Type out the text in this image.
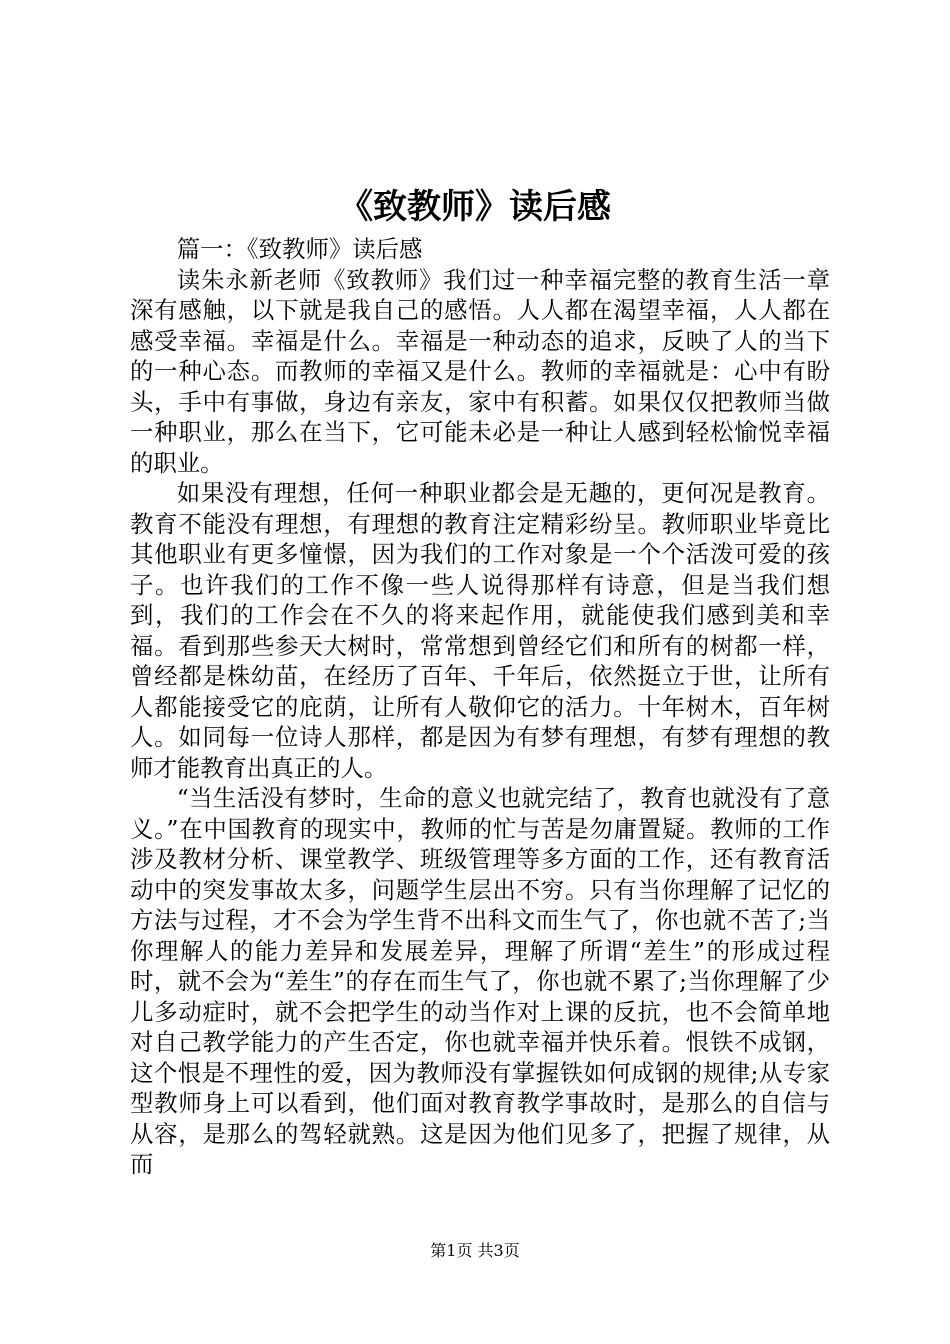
《致教师》读后感

篇一：《致教师》读后感

读朱永新老师《致教师》我们过一种幸福完整的教育生活一章深有感触，以下就是我自己的感悟。人人都在渴望幸福，人人都在感受幸福。幸福是什么。幸福是一种动态的追求，反映了人的当下的一种心态。而教师的幸福又是什么。教师的幸福就是：心中有盼头，手中有事做，身边有亲友，家中有积蓄。如果仅仅把教师当做一种职业，那么在当下，它可能未必是一种让人感到轻松愉悦幸福的职业。

如果没有理想，任何一种职业都会是无趣的，更何况是教育。教育不能没有理想，有理想的教育注定精彩纷呈。教师职业毕竟比其他职业有更多憧憬，因为我们的工作对象是一个个活泼可爱的孩子。也许我们的工作不像一些人说得那样有诗意，但是当我们想到，我们的工作会在不久的将来起作用，就能使我们感到美和幸福。看到那些参天大树时，常常想到曾经它们和所有的树都一样，曾经都是株幼苗，在经历了百年、千年后，依然挺立于世，让所有人都能接受它的庇荫，让所有人敬仰它的活力。十年树木，百年树人。如同每一位诗人那样，都是因为有梦有理想，有梦有理想的教师才能教育出真正的人。

“当生活没有梦时，生命的意义也就完结了，教育也就没有了意义。”在中国教育的现实中，教师的忙与苦是勿庸置疑。教师的工作涉及教材分析、课堂教学、班级管理等多方面的工作，还有教育活动中的突发事故太多，问题学生层出不穷。只有当你理解了记忆的方法与过程，才不会为学生背不出科文而生气了，你也就不苦了;当你理解人的能力差异和发展差异，理解了所谓“差生”的形成过程时，就不会为“差生”的存在而生气了，你也就不累了;当你理解了少儿多动症时，就不会把学生的动当作对上课的反抗，也不会简单地对自己教学能力的产生否定，你也就幸福并快乐着。恨铁不成钢，这个恨是不理性的爱，因为教师没有掌握铁如何成钢的规律;从专家型教师身上可以看到，他们面对教育教学事故时，是那么的自信与从容，是那么的驾轻就熟。这是因为他们见多了，把握了规律，从而

第1页 共3页
